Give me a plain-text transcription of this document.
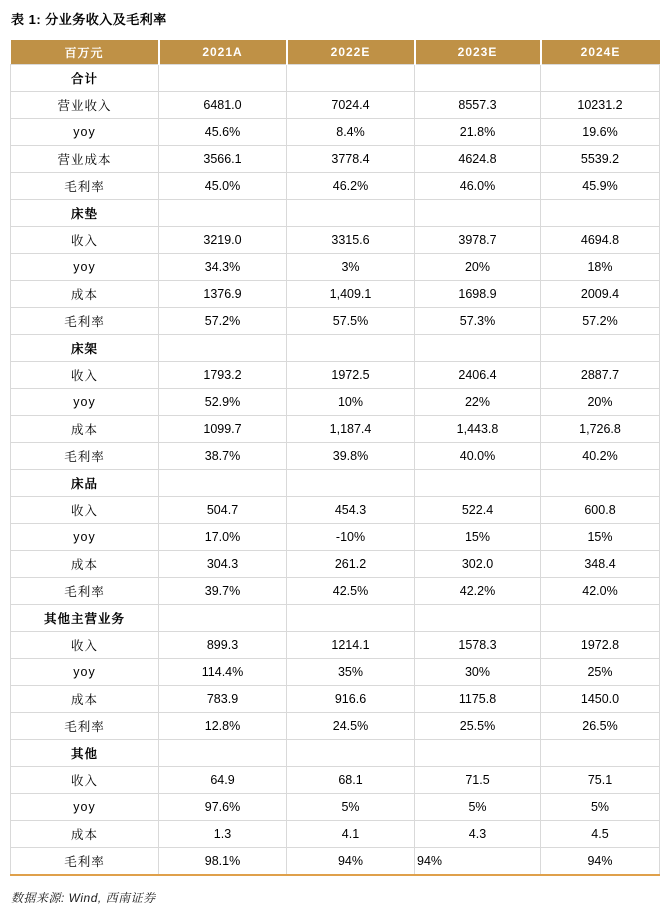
表 1: 分业务收入及毛利率
百万元	2021A	2022E	2023E	2024E
合计				
营业收入	6481.0	7024.4	8557.3	10231.2
yoy	45.6%	8.4%	21.8%	19.6%
营业成本	3566.1	3778.4	4624.8	5539.2
毛利率	45.0%	46.2%	46.0%	45.9%
床垫				
收入	3219.0	3315.6	3978.7	4694.8
yoy	34.3%	3%	20%	18%
成本	1376.9	1,409.1	1698.9	2009.4
毛利率	57.2%	57.5%	57.3%	57.2%
床架				
收入	1793.2	1972.5	2406.4	2887.7
yoy	52.9%	10%	22%	20%
成本	1099.7	1,187.4	1,443.8	1,726.8
毛利率	38.7%	39.8%	40.0%	40.2%
床品				
收入	504.7	454.3	522.4	600.8
yoy	17.0%	-10%	15%	15%
成本	304.3	261.2	302.0	348.4
毛利率	39.7%	42.5%	42.2%	42.0%
其他主营业务				
收入	899.3	1214.1	1578.3	1972.8
yoy	114.4%	35%	30%	25%
成本	783.9	916.6	1175.8	1450.0
毛利率	12.8%	24.5%	25.5%	26.5%
其他				
收入	64.9	68.1	71.5	75.1
yoy	97.6%	5%	5%	5%
成本	1.3	4.1	4.3	4.5
毛利率	98.1%	94%	94%	94%
数据来源: Wind, 西南证券
